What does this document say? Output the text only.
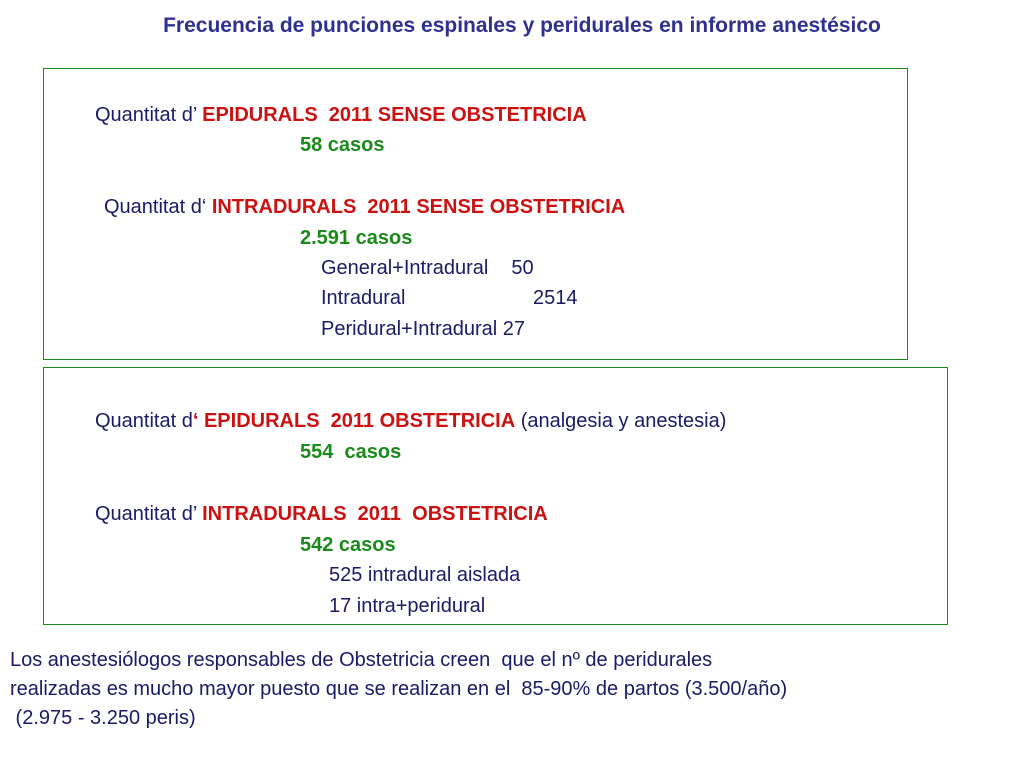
Frecuencia de punciones espinales y peridurales en informe anestésico
Quantitat d’ EPIDURALS  2011 SENSE OBSTETRICIA
58 casos
Quantitat d‘ INTRADURALS  2011 SENSE OBSTETRICIA
2.591 casos
General+Intradural 50
Intradural	2514
Peridural+Intradural 27
Quantitat d‘ EPIDURALS  2011 OBSTETRICIA (analgesia y anestesia)
554  casos
Quantitat d’ INTRADURALS  2011  OBSTETRICIA
542 casos
525 intradural aislada
17 intra+peridural
Los anestesiólogos responsables de Obstetricia creen  que el nº de peridurales
realizadas es mucho mayor puesto que se realizan en el  85-90% de partos (3.500/año)
(2.975 - 3.250 peris)
